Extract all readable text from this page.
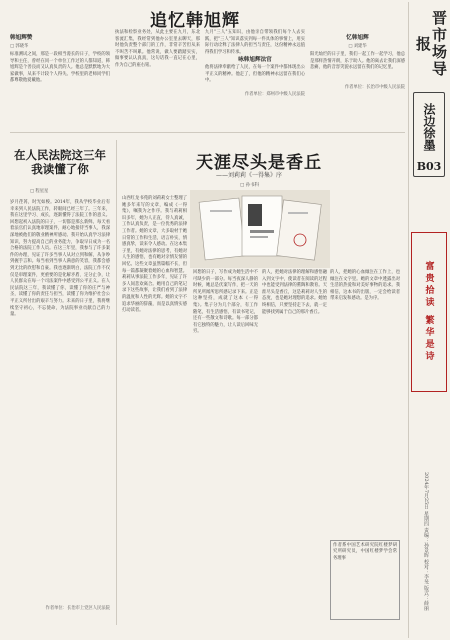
追忆韩旭辉
韩旭辉赞
□ 郭晓华
标准测试之间，那是一段相当漫长的日子，学校的领导和主任，曾经在同一个单位工作过的人都知道，韩旭辉是个善良而又认真负责的人。他总是默默地为大家做事，从来不计较个人得失。学校里的老师同学们都尊敬他爱戴他。
执法和检察业务处，从此主要在九月，东北客流汇集，我经常到他办公室里去聊天，那时他负责整个部门的工作，非常辛苦但从来不叫苦不叫累。他常说，做人要踏踏实实，做事要认认真真，这句话我一直记在心里，作为自己的座右铭。
九月"三人"五知识，由他亲自带领我们每个人去实践，把"三人"知识落实到每一件具体的事情上，用实际行动诠释了法律人的担当与责任，这份精神永远值得我们学习和传承。
咏韩旭辉法官
他将法律奉献给了人民，在每一个案件中都体现出公平正义的精神。他走了，但他的精神永远留在我们心中。
作者单位：郑州市中级人民法院
忆韩旭辉
□ 刘建华
阳光灿烂的日子里，我们一起工作一起学习，他总是那样热情开朗，乐于助人。他的离去让我们深感悲痛，他的音容笑貌永远留在我们的记忆里。
作者单位：长治市中级人民法院
晋市场导报
法边徐墨
B03
富贵拾读 繁华是诗
2024年7月25日 星期四 责编：孙景晖 校对：李旻 版式：薛丽
在人民法院这三年我读懂了你
□ 程星星
岁月荏苒，时光如梭。2014年，我从学校毕业后有幸来到人民法院工作，转眼间已经三年了。三年来，我在这里学习、成长，逐渐懂得了法院工作的意义。回想起初入法院的日子，一切都是那么新鲜。每天看着法官们认真地审理案件，耐心地接待当事人，我深深地被他们的敬业精神所感动。我开始认真学习法律知识，努力提高自己的业务能力，争取早日成为一名合格的法院工作人员。在这三年里，我参与了许多案件的办理，见证了许多当事人从对立到和解，从争吵到握手言和。每当看到当事人满意的笑容，我都会感到无比的欣慰和自豪。我也逐渐明白，法院工作不仅仅是审理案件，更重要的是化解矛盾、定分止争，让人民群众在每一个司法案件中感受到公平正义。在人民法院这三年，我读懂了你，读懂了你的庄严与神圣，读懂了你的责任与担当，读懂了你为维护社会公平正义所付出的艰辛与努力。未来的日子里，我将继续坚守初心，不忘使命，为法院事业贡献自己的力量。
作者单位：长治市上党区人民法院
天涯尽头是香丘
——刘莉莉《一得集》序
□ 孙书科
山西红龙书苑的刘莉莉女士整理了她多年来写的文章，编成《一得集》，嘱我为之作序。我与莉莉相识多年，她为人正直，待人真诚，工作认真负责，是一位优秀的法律工作者。她的文章，大多取材于她日常的工作和生活，语言朴实，情感真挚，读来令人感动。在这本集子里，有她对法律的思考，有她对人生的感悟，也有她对亲情友情的回忆。这些文章虽然篇幅不长，但每一篇都凝聚着她的心血和智慧。莉莉从事法院工作多年，见证了许多人间悲欢离合。她用自己的笔记录下这些故事，让我们看到了法律的温度和人性的光辉。她的文字不追求华丽的辞藻，而是以真情实感打动读者。
回想的日子，写作成为她生活中不可缺少的一部分。每当夜深人静的时候，她总是伏案写作，把一天的所见所闻所思所感记录下来。正是这种坚持，成就了这本《一得集》。集子分为几个部分，有工作随笔，有生活感悟，有读书笔记，还有一些散文和诗歌。每一部分都有它独特的魅力，让人读后回味无穷。
的人，把她对法律的理解和感悟融入到文字中，使读者在阅读的过程中也能受到法律的熏陶和教育。天涯尽头是香丘，这是莉莉对人生的态度，也是她对理想的追求。她始终相信，只要坚持走下去，就一定能够找到属于自己的那片香丘。
的人，把她的心血倾注在工作上，也倾注在文字里。她的文章中透露出对生活的热爱和对美好事物的追求。我相信，这本书的出版，一定会给读者带来启发和感动。是为序。
作者系中国艺术研究院红楼梦研究所研究员，中国红楼梦学会常务理事
